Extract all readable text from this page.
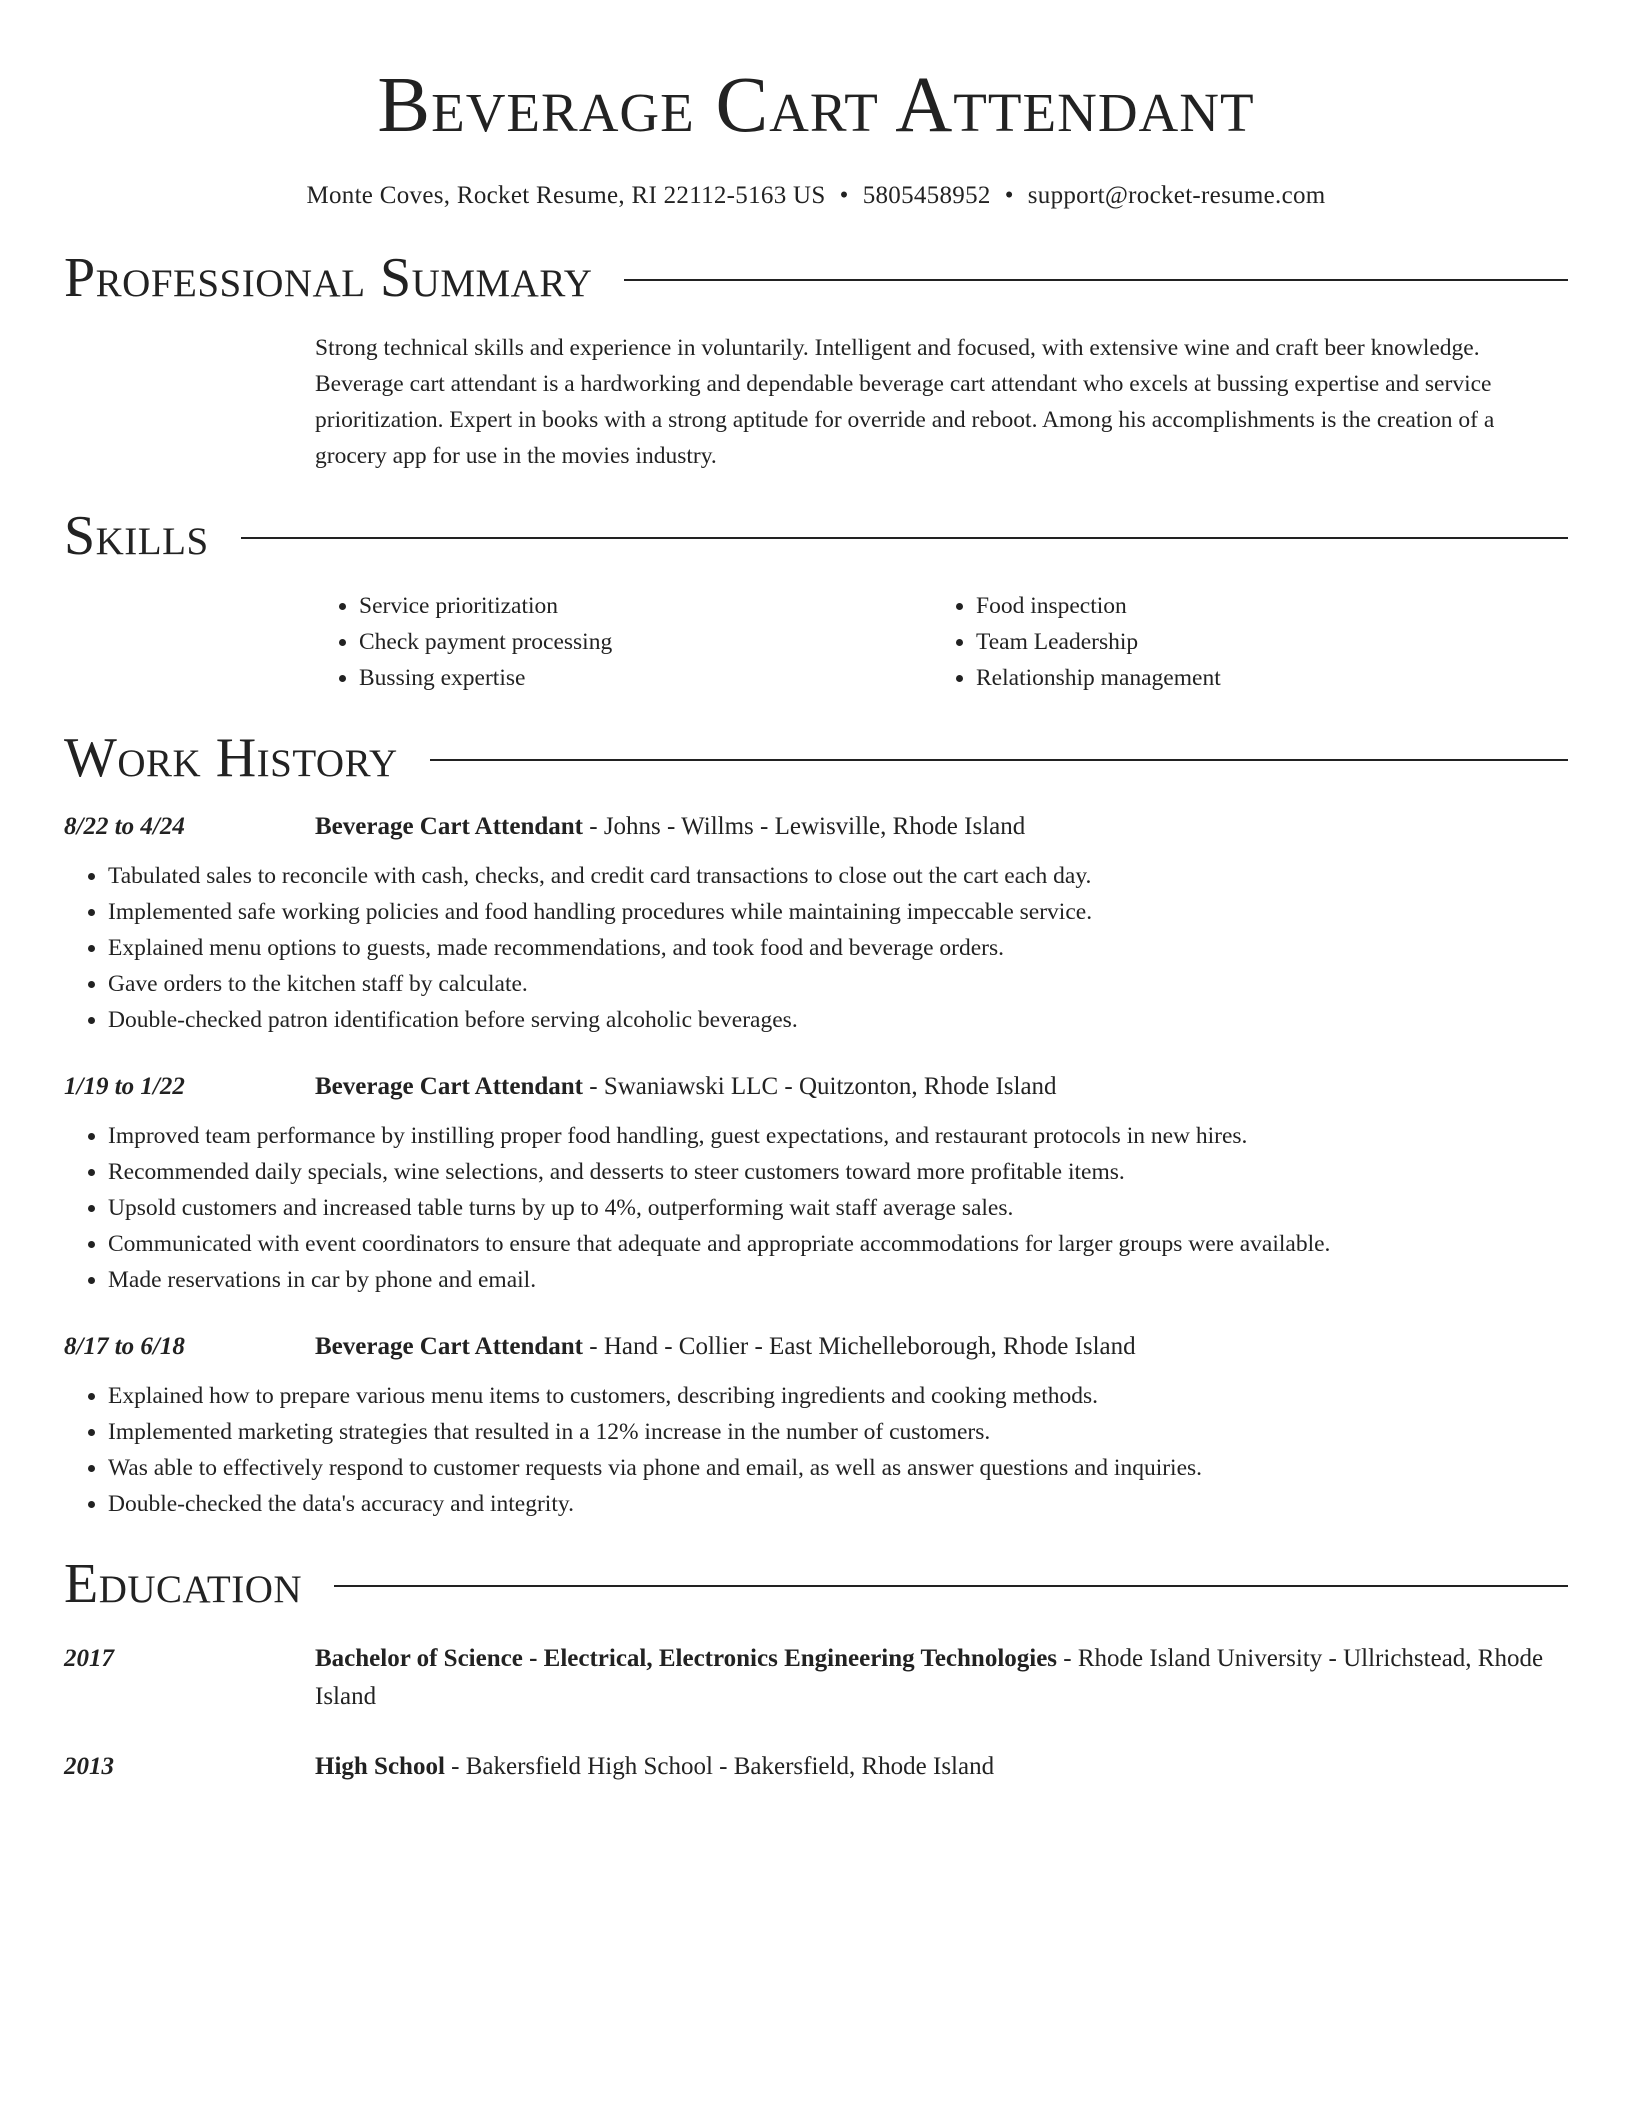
Beverage Cart Attendant
Monte Coves, Rocket Resume, RI 22112-5163 US • 5805458952 • support@rocket-resume.com
Professional Summary
Strong technical skills and experience in voluntarily. Intelligent and focused, with extensive wine and craft beer knowledge. Beverage cart attendant is a hardworking and dependable beverage cart attendant who excels at bussing expertise and service prioritization. Expert in books with a strong aptitude for override and reboot. Among his accomplishments is the creation of a grocery app for use in the movies industry.
Skills
• Service prioritization
• Check payment processing
• Bussing expertise
• Food inspection
• Team Leadership
• Relationship management
Work History
8/22 to 4/24	Beverage Cart Attendant - Johns - Willms - Lewisville, Rhode Island
• Tabulated sales to reconcile with cash, checks, and credit card transactions to close out the cart each day.
• Implemented safe working policies and food handling procedures while maintaining impeccable service.
• Explained menu options to guests, made recommendations, and took food and beverage orders.
• Gave orders to the kitchen staff by calculate.
• Double-checked patron identification before serving alcoholic beverages.
1/19 to 1/22	Beverage Cart Attendant - Swaniawski LLC - Quitzonton, Rhode Island
• Improved team performance by instilling proper food handling, guest expectations, and restaurant protocols in new hires.
• Recommended daily specials, wine selections, and desserts to steer customers toward more profitable items.
• Upsold customers and increased table turns by up to 4%, outperforming wait staff average sales.
• Communicated with event coordinators to ensure that adequate and appropriate accommodations for larger groups were available.
• Made reservations in car by phone and email.
8/17 to 6/18	Beverage Cart Attendant - Hand - Collier - East Michelleborough, Rhode Island
• Explained how to prepare various menu items to customers, describing ingredients and cooking methods.
• Implemented marketing strategies that resulted in a 12% increase in the number of customers.
• Was able to effectively respond to customer requests via phone and email, as well as answer questions and inquiries.
• Double-checked the data's accuracy and integrity.
Education
2017	Bachelor of Science - Electrical, Electronics Engineering Technologies - Rhode Island University - Ullrichstead, Rhode Island
2013	High School - Bakersfield High School - Bakersfield, Rhode Island
